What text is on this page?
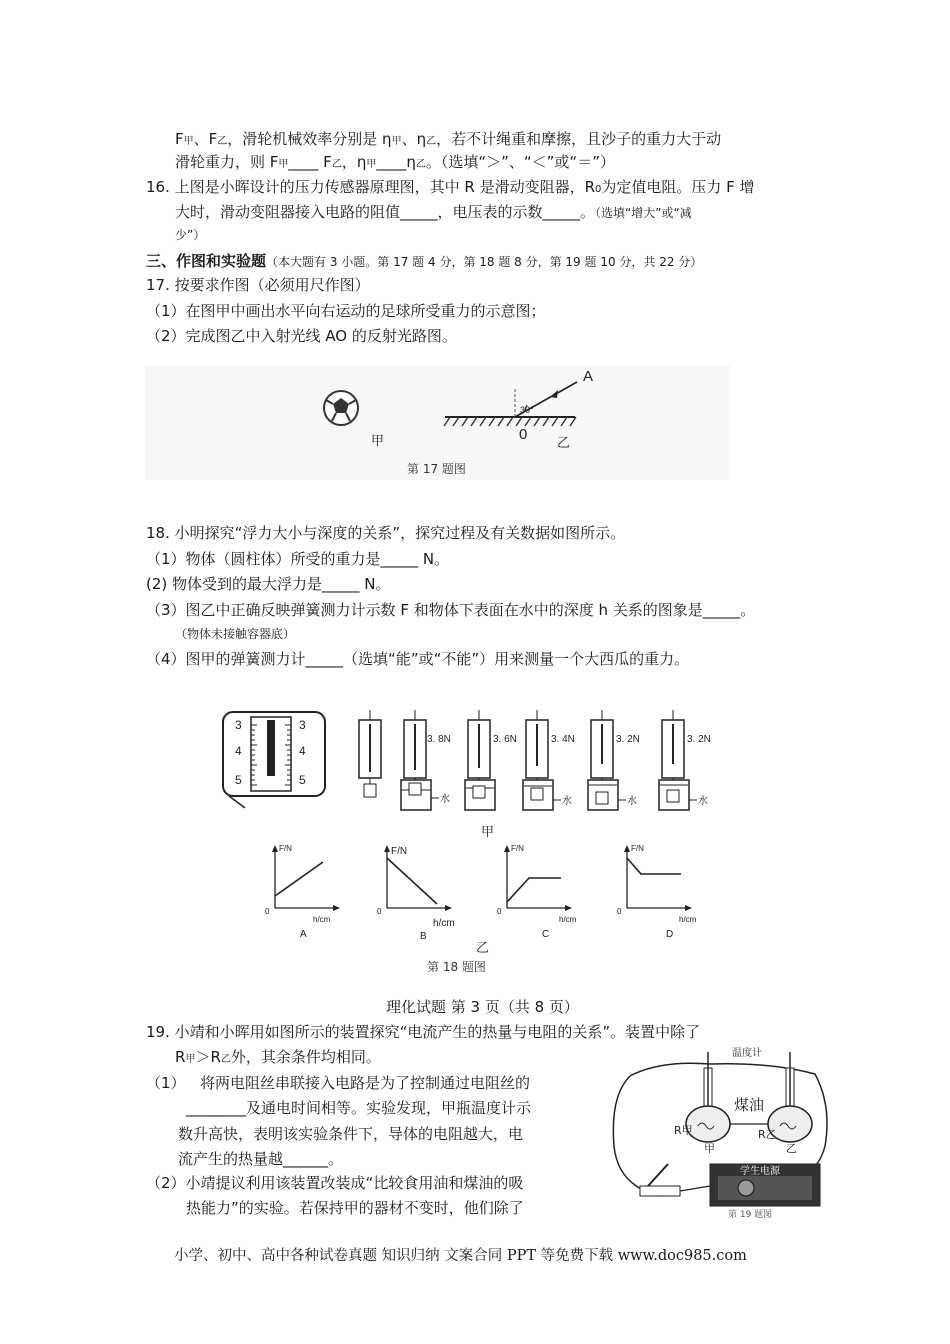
F甲、F乙，滑轮机械效率分别是 η甲、η乙，若不计绳重和摩擦，且沙子的重力大于动
滑轮重力，则 F甲____ F乙，η甲____η乙。（选填“＞”、“＜”或“＝”）
16. 上图是小晖设计的压力传感器原理图，其中 R 是滑动变阻器，R0为定值电阻。压力 F 增
大时，滑动变阻器接入电路的阻值_____，电压表的示数_____。（选填“增大”或“减
少”）
三、作图和实验题（本大题有 3 小题。第 17 题 4 分，第 18 题 8 分，第 19 题 10 分，共 22 分）
17. 按要求作图（必须用尺作图）
（1）在图甲中画出水平向右运动的足球所受重力的示意图；
（2）完成图乙中入射光线 AO 的反射光路图。
30°
A
0
甲	乙
第 17 题图
18. 小明探究“浮力大小与深度的关系”，探究过程及有关数据如图所示。
（1）物体（圆柱体）所受的重力是_____ N。
(2) 物体受到的最大浮力是_____ N。
（3）图乙中正确反映弹簧测力计示数 F 和物体下表面在水中的深度 h 关系的图象是_____。
（物体未接触容器底）
（4）图甲的弹簧测力计_____（选填“能”或“不能”）用来测量一个大西瓜的重力。
3
4
5
3
4
5
3. 8N	3. 6N	3. 4N	3. 2N	3. 2N
水	水	水	水
甲
F/N	F/N	F/N	F/N
h/cm	h/cm	h/cm	h/cm
0	0	0	0
A	B	C	D
乙
第 18 题图
理化试题 第 3 页（共 8 页）
19. 小靖和小晖用如图所示的装置探究“电流产生的热量与电阻的关系”。装置中除了
R甲＞R乙外，其余条件均相同。
（1） 将两电阻丝串联接入电路是为了控制通过电阻丝的
________及通电时间相等。实验发现，甲瓶温度计示
数升高快，表明该实验条件下，导体的电阻越大，电
流产生的热量越______。
（2）小靖提议利用该装置改装成“比较食用油和煤油的吸
热能力”的实验。若保持甲的器材不变时，他们除了
温度计
煤油
R甲	R乙
甲	乙
学生电源
第 19 题图
小学、初中、高中各种试卷真题 知识归纳 文案合同 PPT 等免费下载 www.doc985.com
